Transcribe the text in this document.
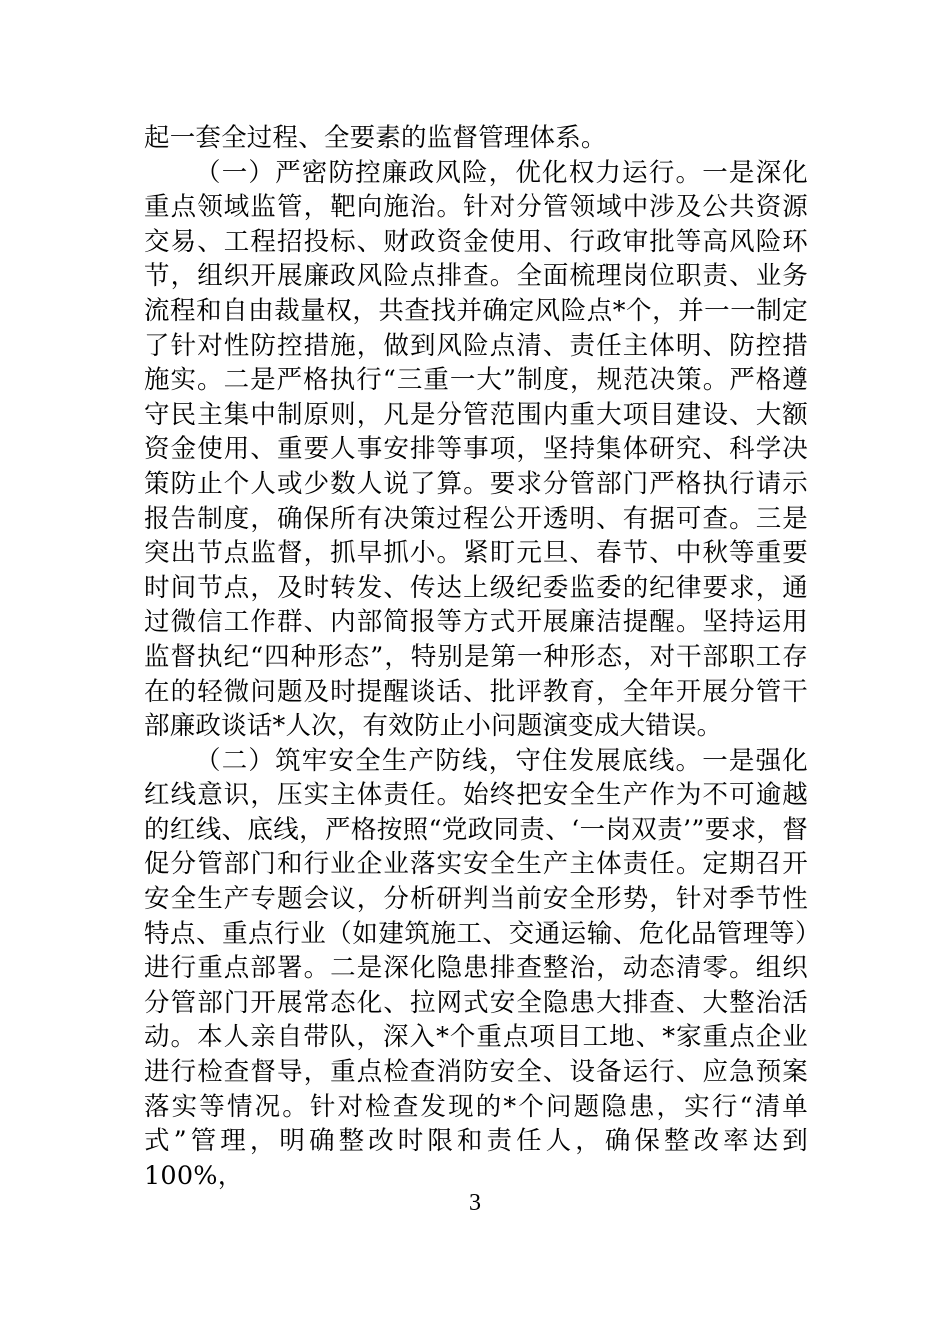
起一套全过程、全要素的监督管理体系。

（一）严密防控廉政风险，优化权力运行。一是深化重点领域监管，靶向施治。针对分管领域中涉及公共资源交易、工程招投标、财政资金使用、行政审批等高风险环节，组织开展廉政风险点排查。全面梳理岗位职责、业务流程和自由裁量权，共查找并确定风险点*个，并一一制定了针对性防控措施，做到风险点清、责任主体明、防控措施实。二是严格执行“三重一大”制度，规范决策。严格遵守民主集中制原则，凡是分管范围内重大项目建设、大额资金使用、重要人事安排等事项，坚持集体研究、科学决策防止个人或少数人说了算。要求分管部门严格执行请示报告制度，确保所有决策过程公开透明、有据可查。三是突出节点监督，抓早抓小。紧盯元旦、春节、中秋等重要时间节点，及时转发、传达上级纪委监委的纪律要求，通过微信工作群、内部简报等方式开展廉洁提醒。坚持运用监督执纪“四种形态”，特别是第一种形态，对干部职工存在的轻微问题及时提醒谈话、批评教育，全年开展分管干部廉政谈话*人次，有效防止小问题演变成大错误。

（二）筑牢安全生产防线，守住发展底线。一是强化红线意识，压实主体责任。始终把安全生产作为不可逾越的红线、底线，严格按照“党政同责、‘一岗双责’”要求，督促分管部门和行业企业落实安全生产主体责任。定期召开安全生产专题会议，分析研判当前安全形势，针对季节性特点、重点行业（如建筑施工、交通运输、危化品管理等）进行重点部署。二是深化隐患排查整治，动态清零。组织分管部门开展常态化、拉网式安全隐患大排查、大整治活动。本人亲自带队，深入*个重点项目工地、*家重点企业进行检查督导，重点检查消防安全、设备运行、应急预案落实等情况。针对检查发现的*个问题隐患，实行“清单式”管理，明确整改时限和责任人，确保整改率达到 100%，

3
